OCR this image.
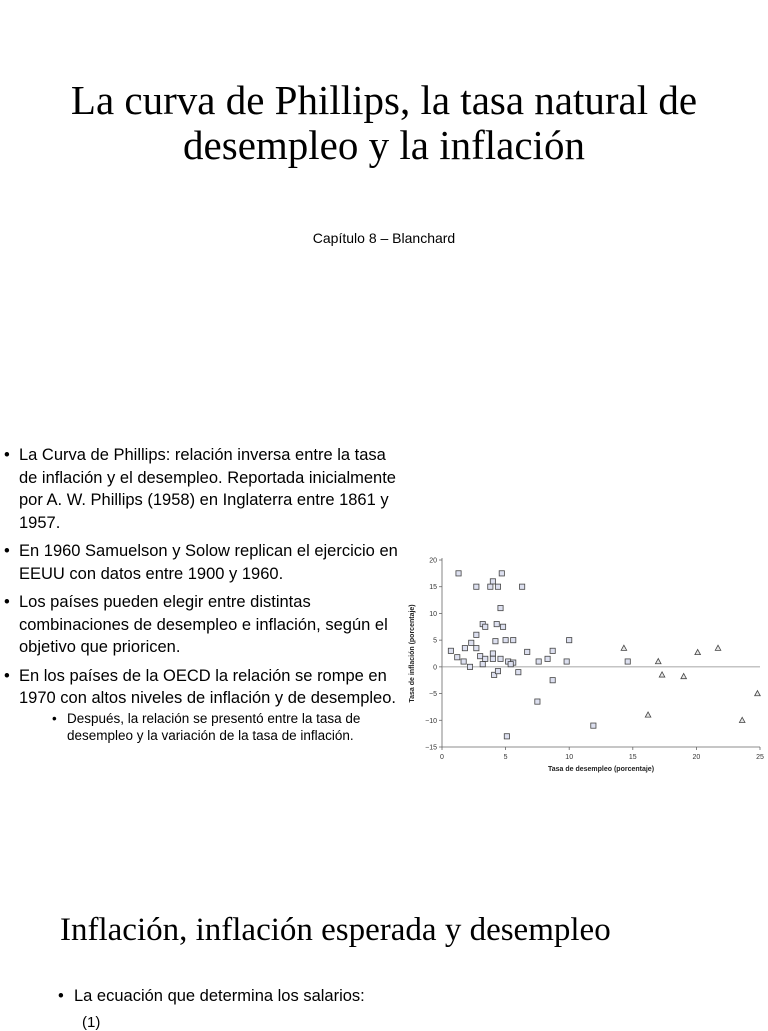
La curva de Phillips, la tasa natural de desempleo y la inflación
Capítulo 8 – Blanchard
• La Curva de Phillips: relación inversa entre la tasa de inflación y el desempleo. Reportada inicialmente por A. W. Phillips (1958) en Inglaterra entre 1861 y 1957.
• En 1960 Samuelson y Solow replican el ejercicio en EEUU con datos entre 1900 y 1960.
• Los países pueden elegir entre distintas combinaciones de desempleo e inflación, según el objetivo que prioricen.
• En los países de la OECD la relación se rompe en 1970 con altos niveles de inflación y de desempleo.
• Después, la relación se presentó entre la tasa de desempleo y la variación de la tasa de inflación.
20
15
10
5
0
−5
−10
−15
0	5	10	15	20	25
Tasa de desempleo (porcentaje)
Tasa de inflación (porcentaje)
Inflación, inflación esperada y desempleo
• La ecuación que determina los salarios:
(1)
